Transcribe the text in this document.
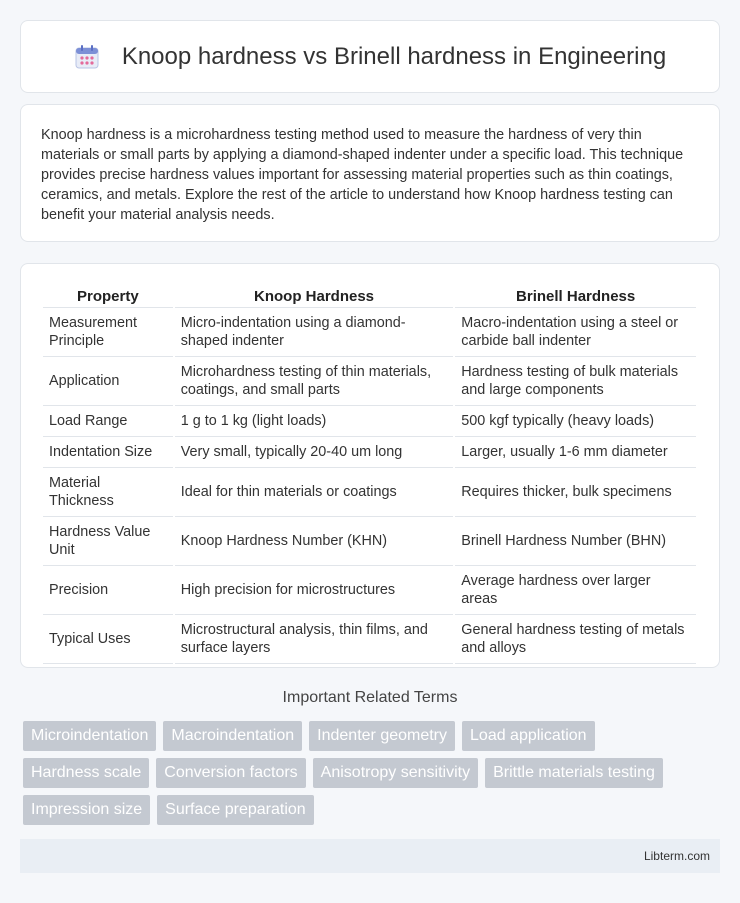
Knoop hardness vs Brinell hardness in Engineering

Knoop hardness is a microhardness testing method used to measure the hardness of very thin materials or small parts by applying a diamond-shaped indenter under a specific load. This technique provides precise hardness values important for assessing material properties such as thin coatings, ceramics, and metals. Explore the rest of the article to understand how Knoop hardness testing can benefit your material analysis needs.

Property	Knoop Hardness	Brinell Hardness
Measurement Principle	Micro-indentation using a diamond-shaped indenter	Macro-indentation using a steel or carbide ball indenter
Application	Microhardness testing of thin materials, coatings, and small parts	Hardness testing of bulk materials and large components
Load Range	1 g to 1 kg (light loads)	500 kgf typically (heavy loads)
Indentation Size	Very small, typically 20-40 um long	Larger, usually 1-6 mm diameter
Material Thickness	Ideal for thin materials or coatings	Requires thicker, bulk specimens
Hardness Value Unit	Knoop Hardness Number (KHN)	Brinell Hardness Number (BHN)
Precision	High precision for microstructures	Average hardness over larger areas
Typical Uses	Microstructural analysis, thin films, and surface layers	General hardness testing of metals and alloys
Important Related Terms
Microindentation	Macroindentation	Indenter geometry	Load application
Hardness scale	Conversion factors	Anisotropy sensitivity	Brittle materials testing
Impression size	Surface preparation
Libterm.com
